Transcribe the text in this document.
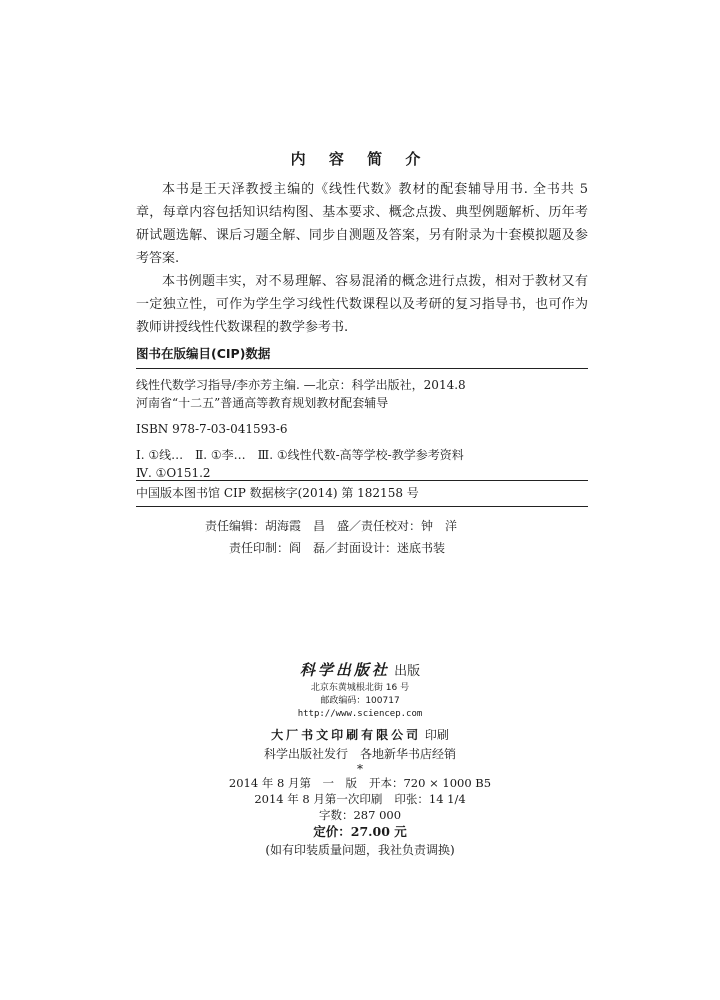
内 容 简 介

本书是王天泽教授主编的《线性代数》教材的配套辅导用书. 全书共 5 章，每章内容包括知识结构图、基本要求、概念点拨、典型例题解析、历年考研试题选解、课后习题全解、同步自测题及答案，另有附录为十套模拟题及参考答案.

本书例题丰实，对不易理解、容易混淆的概念进行点拨，相对于教材又有一定独立性，可作为学生学习线性代数课程以及考研的复习指导书，也可作为教师讲授线性代数课程的教学参考书.

图书在版编目(CIP)数据
线性代数学习指导/李亦芳主编. —北京：科学出版社，2014.8
河南省“十二五”普通高等教育规划教材配套辅导
ISBN 978-7-03-041593-6
Ⅰ. ①线…　Ⅱ. ①李…　Ⅲ. ①线性代数-高等学校-教学参考资料
Ⅳ. ①O151.2
中国版本图书馆 CIP 数据核字(2014) 第 182158 号
责任编辑：胡海霞　昌　盛／责任校对：钟　洋
责任印制：阎　磊／封面设计：迷底书装
科学出版社 出版
北京东黄城根北街 16 号
邮政编码：100717
http://www.sciencep.com
大厂书文印刷有限公司 印刷
科学出版社发行 各地新华书店经销
*
2014 年 8 月第　一　版 开本：720 × 1000 B5
2014 年 8 月第一次印刷 印张：14 1/4
字数：287 000
定价：27.00 元
(如有印装质量问题，我社负责调换)
